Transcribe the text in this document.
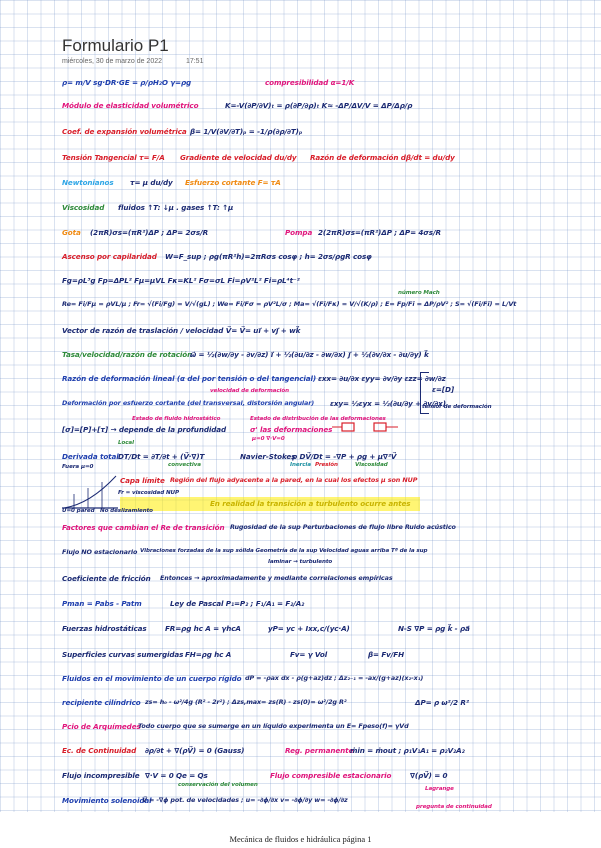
Formulario P1
miércoles, 30 de marzo de 2022	17:51
ρ= m/V sg·DR·GE = ρ/ρH₂O γ=ρg	compresibilidad α=1/K
Módulo de elasticidad volumétrico	K=-V(∂P/∂V)ₜ = ρ(∂P/∂ρ)ₜ K≈ -ΔP/ΔV/V = ΔP/Δρ/ρ
Coef. de expansión volumétrica β= 1/V(∂V/∂T)ₚ = -1/ρ(∂ρ/∂T)ₚ
Tensión Tangencial τ= F/A Gradiente de velocidad du/dy Razón de deformación dβ/dt = du/dy
Newtonianos τ= μ du/dy Esfuerzo cortante F= τA
Viscosidad fluidos ↑T: ↓μ . gases ↑T: ↑μ
Gota (2πR)σs=(πR²)ΔP ; ΔP= 2σs/R	Pompa 2(2πR)σs=(πR²)ΔP ; ΔP= 4σs/R
Ascenso por capilaridad W=F_sup ; ρg(πR²h)=2πRσs cosφ ; h= 2σs/ρgR cosφ
Fg=ρL³g Fp=ΔPL² Fμ=μVL Fκ=KL² Fσ=σL Fi=ρV²L² Fi=ρL⁴t⁻²
número Mach
Re= Fi/Fμ = ρVL/μ ; Fr= √(Fi/Fg) = V/√(gL) ; We= Fi/Fσ = ρV²L/σ ; Ma= √(Fi/Fκ) = V/√(K/ρ) ; E= Fp/Fi = ΔP/ρV² ; S= √(Fi/Fi) = L/Vt
Vector de razón de traslación / velocidad V⃗= V⃗= ui⃗ + vj⃗ + wk⃗
Tasa/velocidad/razón de rotación
ω⃗ = ½(∂w/∂y - ∂v/∂z) i⃗ + ½(∂u/∂z - ∂w/∂x) j⃗ + ½(∂v/∂x - ∂u/∂y) k⃗
Razón de deformación lineal (α del por tensión o del tangencial) εxx= ∂u/∂x εyy= ∂v/∂y εzz= ∂w/∂z
ε=[D]
velocidad de deformación
Deformación por esfuerzo cortante (del transversal, distorsión angular) εxy= ½εyx = ½(∂u/∂y + ∂v/∂x)
tensor de deformación
Estado de fluido hidrostático	Estado de distribución de las deformaciones
[σ]=[P]+[τ] → depende de la profundidad	σ' las deformaciones
μ=0 ∇·V=0
Local
Derivada total DT/Dt = ∂T/∂t + (V⃗·∇)T
convectiva
Navier-Stokes
ρ DV⃗/Dt = -∇P + ρg + μ∇²V⃗
Inercia Presión	Viscosidad
Fuera μ=0
Capa límite Región del flujo adyacente a la pared, en la cual los efectos μ son NUP
Fr = viscosidad NUP
En realidad la transición a turbulento ocurre antes
U=0 pared No deslizamiento
Factores que cambian el Re de transición Rugosidad de la sup Perturbaciones de flujo libre Ruido acústico
Flujo NO estacionario Vibraciones forzadas de la sup sólida Geometría de la sup Velocidad aguas arriba Tª de la sup
laminar → turbulento
Coeficiente de fricción Entonces → aproximadamente y mediante correlaciones empíricas
Pman = Pabs - Patm	Ley de Pascal P₁=P₂ ; F₁/A₁ = F₂/A₂
Fuerzas hidrostáticas	FR=ρg hc A = γhcA	yP= yc + Ixx,c/(yc·A)	N-S ∇P = ρg k⃗ - ρa⃗
Superficies curvas sumergidas FH=ρg hc A	Fv= γ Vol	β= Fv/FH
Fluidos en el movimiento de un cuerpo rígido dP = -ρax dx - ρ(g+az)dz ; Δz₂₋₁ = -ax/(g+az)(x₂-x₁)
recipiente cilíndrico zs= h₀ - ω²/4g (R² - 2r²) ; Δzs,max= zs(R) - zs(0)= ω²/2g R²	ΔP= ρ ω²/2 R²
Pcio de Arquímedes
Todo cuerpo que se sumerge en un líquido experimenta un E= Fpeso(f)= γVd
Ec. de Continuidad ∂ρ/∂t + ∇(ρV⃗) = 0 (Gauss)	Reg. permanente
ṁin = ṁout ; ρ₁V₁A₁ = ρ₂V₂A₂
Flujo incompresible ∇·V = 0 Qe = Qs
conservación del volumen
Flujo compresible estacionario	∇(ρV⃗) = 0
Lagrange
Movimiento solenoidal
V⃗ = -∇ϕ pot. de velocidades ; u= -∂ϕ/∂x v= -∂ϕ/∂y w= -∂ϕ/∂z
pregunta de continuidad
Mecánica de fluidos e hidráulica página 1
